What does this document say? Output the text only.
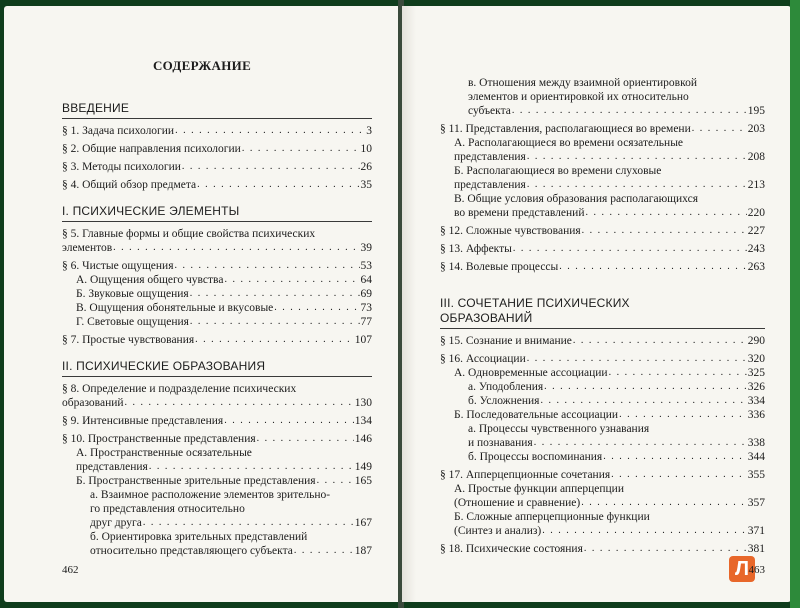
СОДЕРЖАНИЕ
ВВЕДЕНИЕ
§ 1. Задача психологии . . .	3
§ 2. Общие направления психологии . . .	10
§ 3. Методы психологии . . .	26
§ 4. Общий обзор предмета . . .	35
I. ПСИХИЧЕСКИЕ ЭЛЕМЕНТЫ
§ 5. Главные формы и общие свойства психических
элементов . . .	39
§ 6. Чистые ощущения . . .	53
А. Ощущения общего чувства . . .	64
Б. Звуковые ощущения . . .	69
В. Ощущения обонятельные и вкусовые . . .	73
Г. Световые ощущения . . .	77
§ 7. Простые чувствования . . .	107
II. ПСИХИЧЕСКИЕ ОБРАЗОВАНИЯ
§ 8. Определение и подразделение психических
образований . . .	130
§ 9. Интенсивные представления . . .	134
§ 10. Пространственные представления . . .	146
А. Пространственные осязательные
представления . . .	149
Б. Пространственные зрительные представления . . .	165
а. Взаимное расположение элементов зрительно-
го представления относительно
друг друга . . .	167
б. Ориентировка зрительных представлений
относительно представляющего субъекта . . .	187
462
в. Отношения между взаимной ориентировкой
элементов и ориентировкой их относительно
субъекта . . .	195
§ 11. Представления, располагающиеся во времени . . .	203
А. Располагающиеся во времени осязательные
представления . . .	208
Б. Располагающиеся во времени слуховые
представления . . .	213
В. Общие условия образования располагающихся
во времени представлений . . .	220
§ 12. Сложные чувствования . . .	227
§ 13. Аффекты . . .	243
§ 14. Волевые процессы . . .	263
III. СОЧЕТАНИЕ ПСИХИЧЕСКИХ
ОБРАЗОВАНИЙ
§ 15. Сознание и внимание . . .	290
§ 16. Ассоциации . . .	320
А. Одновременные ассоциации . . .	325
а. Уподобления . . .	326
б. Усложнения . . .	334
Б. Последовательные ассоциации . . .	336
а. Процессы чувственного узнавания
и познавания . . .	338
б. Процессы воспоминания . . .	344
§ 17. Апперцепционные сочетания . . .	355
А. Простые функции апперцепции
(Отношение и сравнение) . . .	357
Б. Сложные апперцепционные функции
(Синтез и анализ) . . .	371
§ 18. Психические состояния . . .	381
Л 463
